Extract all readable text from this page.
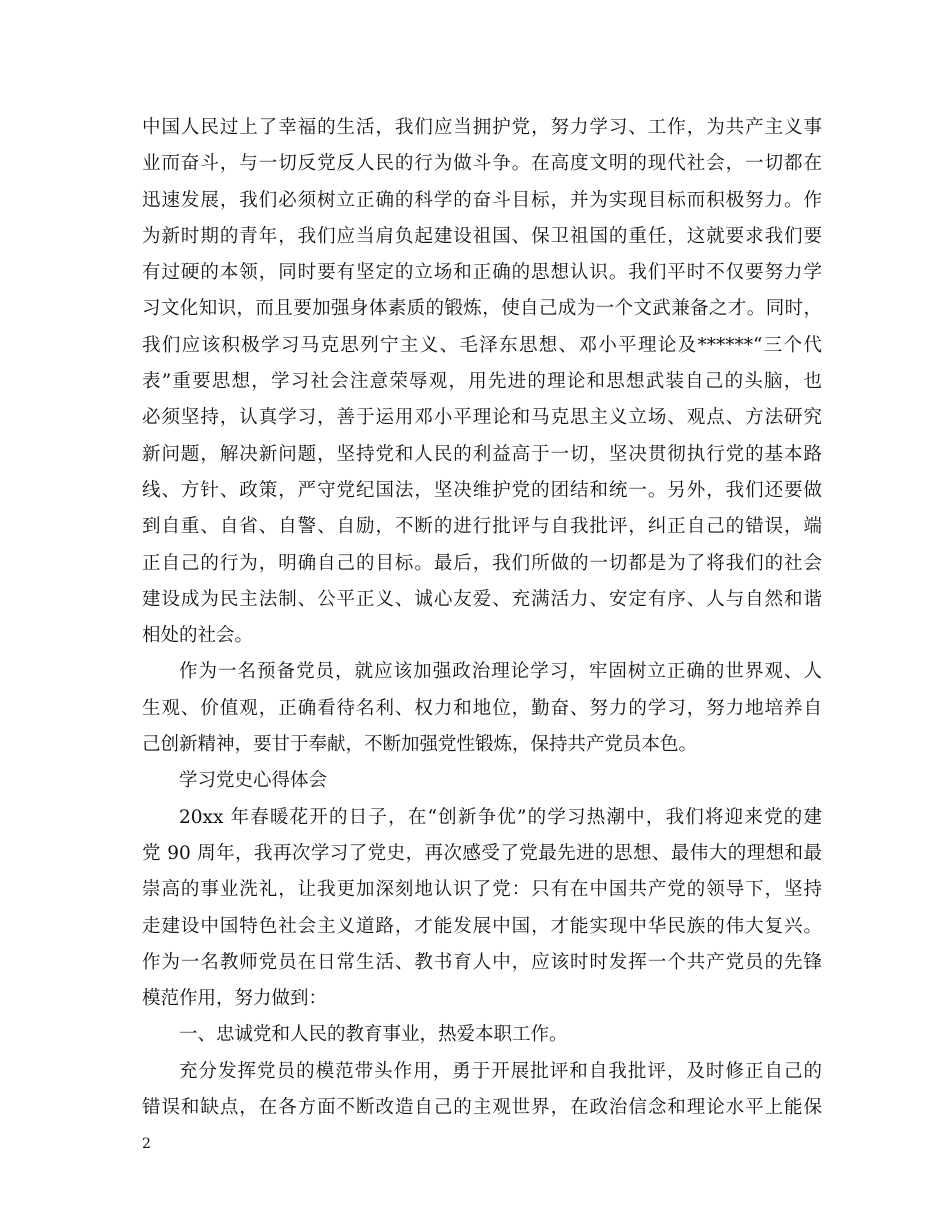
中国人民过上了幸福的生活，我们应当拥护党，努力学习、工作，为共产主义事
业而奋斗，与一切反党反人民的行为做斗争。在高度文明的现代社会，一切都在
迅速发展，我们必须树立正确的科学的奋斗目标，并为实现目标而积极努力。作
为新时期的青年，我们应当肩负起建设祖国、保卫祖国的重任，这就要求我们要
有过硬的本领，同时要有坚定的立场和正确的思想认识。我们平时不仅要努力学
习文化知识，而且要加强身体素质的锻炼，使自己成为一个文武兼备之才。同时，
我们应该积极学习马克思列宁主义、毛泽东思想、邓小平理论及******“三个代
表”重要思想，学习社会注意荣辱观，用先进的理论和思想武装自己的头脑，也
必须坚持，认真学习，善于运用邓小平理论和马克思主义立场、观点、方法研究
新问题，解决新问题，坚持党和人民的利益高于一切，坚决贯彻执行党的基本路
线、方针、政策，严守党纪国法，坚决维护党的团结和统一。另外，我们还要做
到自重、自省、自警、自励，不断的进行批评与自我批评，纠正自己的错误，端
正自己的行为，明确自己的目标。最后，我们所做的一切都是为了将我们的社会
建设成为民主法制、公平正义、诚心友爱、充满活力、安定有序、人与自然和谐
相处的社会。
作为一名预备党员，就应该加强政治理论学习，牢固树立正确的世界观、人
生观、价值观，正确看待名利、权力和地位，勤奋、努力的学习，努力地培养自
己创新精神，要甘于奉献，不断加强党性锻炼，保持共产党员本色。
学习党史心得体会
20xx 年春暖花开的日子，在“创新争优”的学习热潮中，我们将迎来党的建
党 90 周年，我再次学习了党史，再次感受了党最先进的思想、最伟大的理想和最
崇高的事业洗礼，让我更加深刻地认识了党：只有在中国共产党的领导下，坚持
走建设中国特色社会主义道路，才能发展中国，才能实现中华民族的伟大复兴。
作为一名教师党员在日常生活、教书育人中，应该时时发挥一个共产党员的先锋
模范作用，努力做到：
一、忠诚党和人民的教育事业，热爱本职工作。
充分发挥党员的模范带头作用，勇于开展批评和自我批评，及时修正自己的
错误和缺点，在各方面不断改造自己的主观世界，在政治信念和理论水平上能保
2
